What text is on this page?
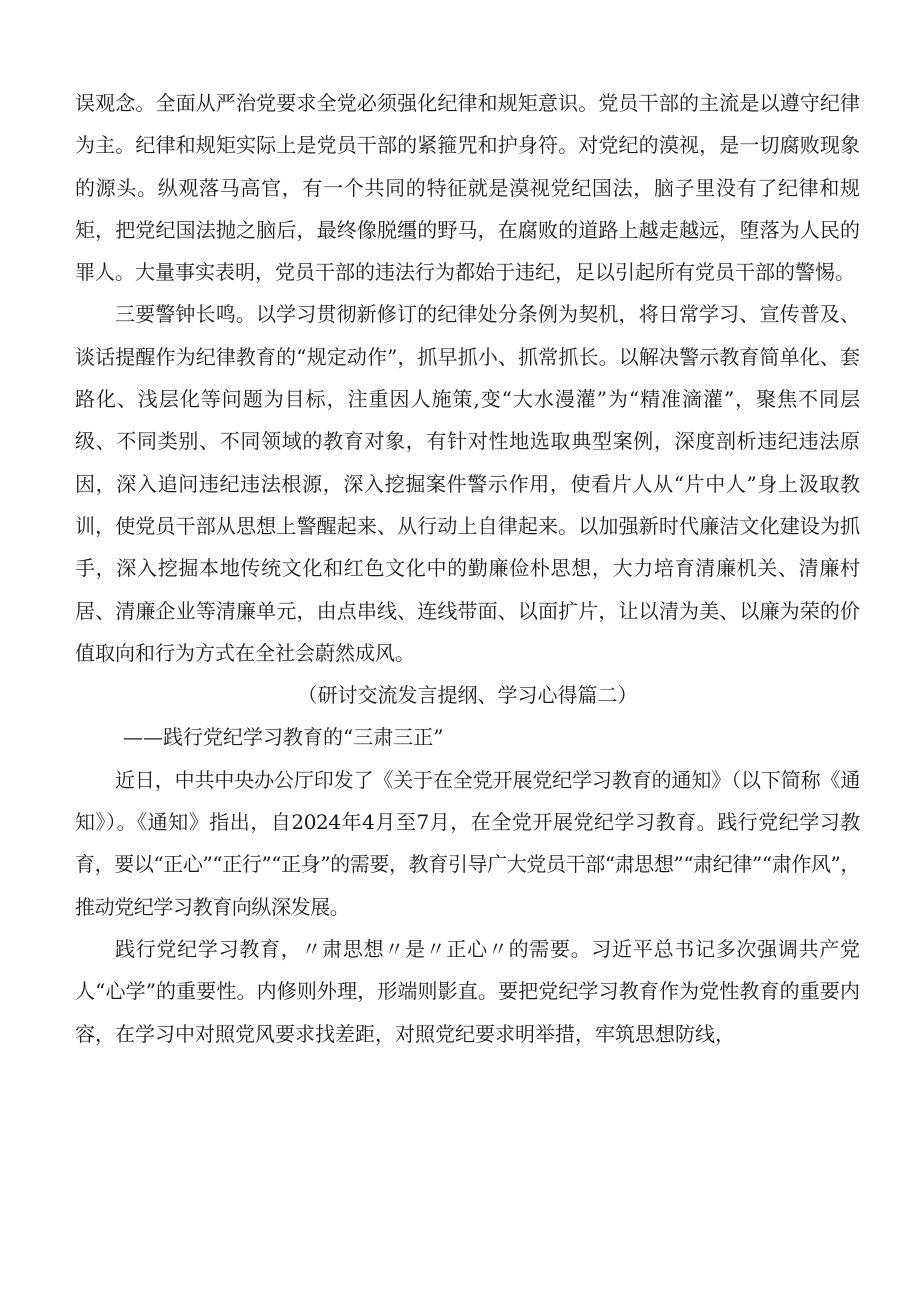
误观念。全面从严治党要求全党必须强化纪律和规矩意识。党员干部的主流是以遵守纪律为主。纪律和规矩实际上是党员干部的紧箍咒和护身符。对党纪的漠视，是一切腐败现象的源头。纵观落马高官，有一个共同的特征就是漠视党纪国法，脑子里没有了纪律和规矩，把党纪国法抛之脑后，最终像脱缰的野马，在腐败的道路上越走越远，堕落为人民的罪人。大量事实表明，党员干部的违法行为都始于违纪，足以引起所有党员干部的警惕。

三要警钟长鸣。以学习贯彻新修订的纪律处分条例为契机，将日常学习、宣传普及、谈话提醒作为纪律教育的“规定动作”，抓早抓小、抓常抓长。以解决警示教育简单化、套路化、浅层化等问题为目标，注重因人施策,变“大水漫灌”为“精准滴灌”，聚焦不同层级、不同类别、不同领域的教育对象，有针对性地选取典型案例，深度剖析违纪违法原因，深入追问违纪违法根源，深入挖掘案件警示作用，使看片人从“片中人”身上汲取教训，使党员干部从思想上警醒起来、从行动上自律起来。以加强新时代廉洁文化建设为抓手，深入挖掘本地传统文化和红色文化中的勤廉俭朴思想，大力培育清廉机关、清廉村居、清廉企业等清廉单元，由点串线、连线带面、以面扩片，让以清为美、以廉为荣的价值取向和行为方式在全社会蔚然成风。

（研讨交流发言提纲、学习心得篇二）

——践行党纪学习教育的“三肃三正”

近日，中共中央办公厅印发了《关于在全党开展党纪学习教育的通知》（以下简称《通知》）。《通知》指出，自2024年4月至7月，在全党开展党纪学习教育。践行党纪学习教育，要以“正心”“正行”“正身”的需要，教育引导广大党员干部“肃思想”“肃纪律”“肃作风”，推动党纪学习教育向纵深发展。

践行党纪学习教育，〃肃思想〃是〃正心〃的需要。习近平总书记多次强调共产党人“心学”的重要性。内修则外理，形端则影直。要把党纪学习教育作为党性教育的重要内容，在学习中对照党风要求找差距，对照党纪要求明举措，牢筑思想防线，
